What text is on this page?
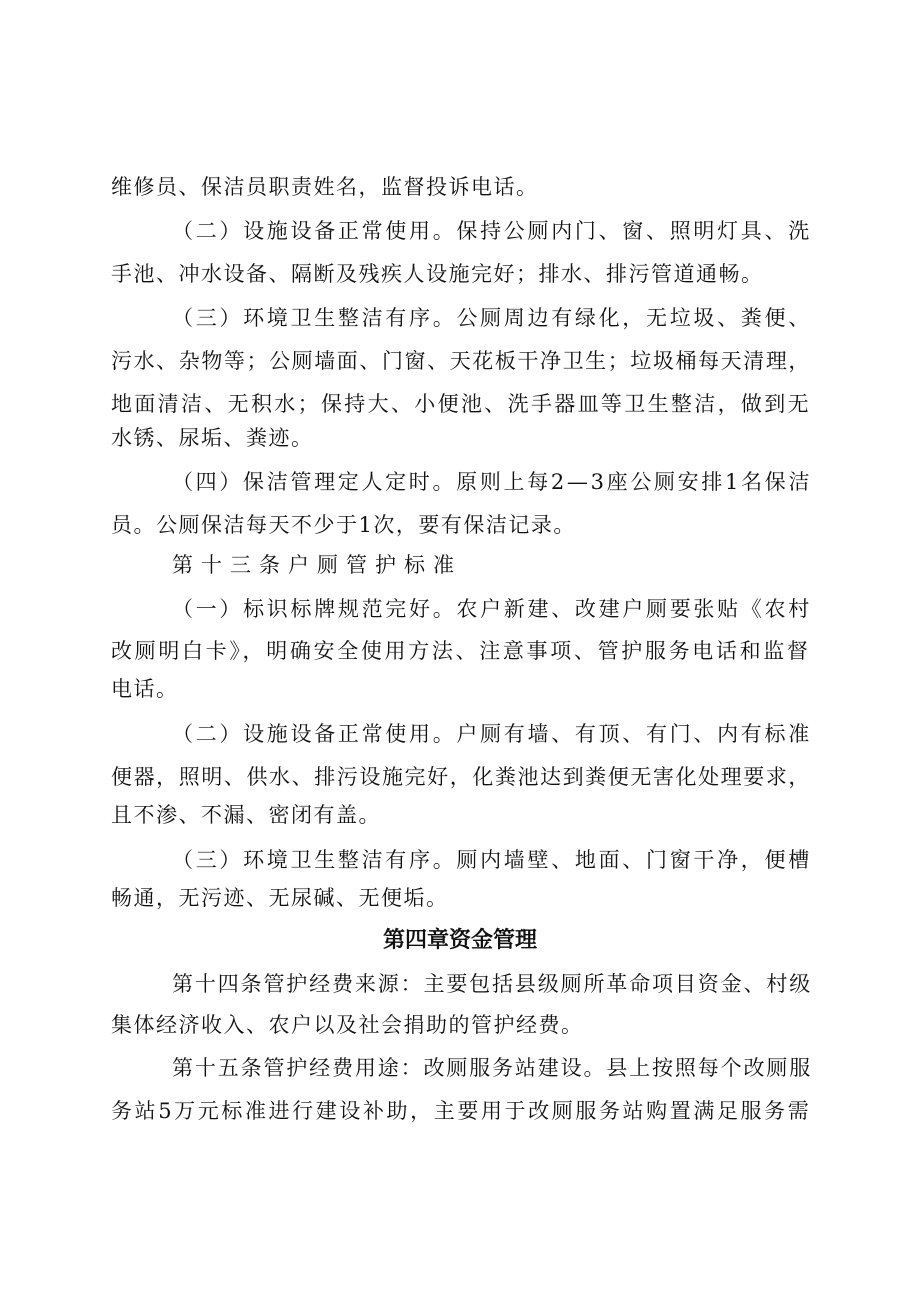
维修员、保洁员职责姓名，监督投诉电话。
（二）设施设备正常使用。保持公厕内门、窗、照明灯具、洗
手池、冲水设备、隔断及残疾人设施完好；排水、排污管道通畅。
（三）环境卫生整洁有序。公厕周边有绿化，无垃圾、粪便、
污水、杂物等；公厕墙面、门窗、天花板干净卫生；垃圾桶每天清理，
地面清洁、无积水；保持大、小便池、洗手器皿等卫生整洁，做到无
水锈、尿垢、粪迹。
（四）保洁管理定人定时。原则上每2—3座公厕安排1名保洁
员。公厕保洁每天不少于1次，要有保洁记录。
第十三条户厕管护标准
（一）标识标牌规范完好。农户新建、改建户厕要张贴《农村
改厕明白卡》，明确安全使用方法、注意事项、管护服务电话和监督
电话。
（二）设施设备正常使用。户厕有墙、有顶、有门、内有标准
便器，照明、供水、排污设施完好，化粪池达到粪便无害化处理要求，
且不渗、不漏、密闭有盖。
（三）环境卫生整洁有序。厕内墙壁、地面、门窗干净，便槽
畅通，无污迹、无尿碱、无便垢。
第四章资金管理
第十四条管护经费来源：主要包括县级厕所革命项目资金、村级
集体经济收入、农户以及社会捐助的管护经费。
第十五条管护经费用途：改厕服务站建设。县上按照每个改厕服
务站5万元标准进行建设补助，主要用于改厕服务站购置满足服务需
